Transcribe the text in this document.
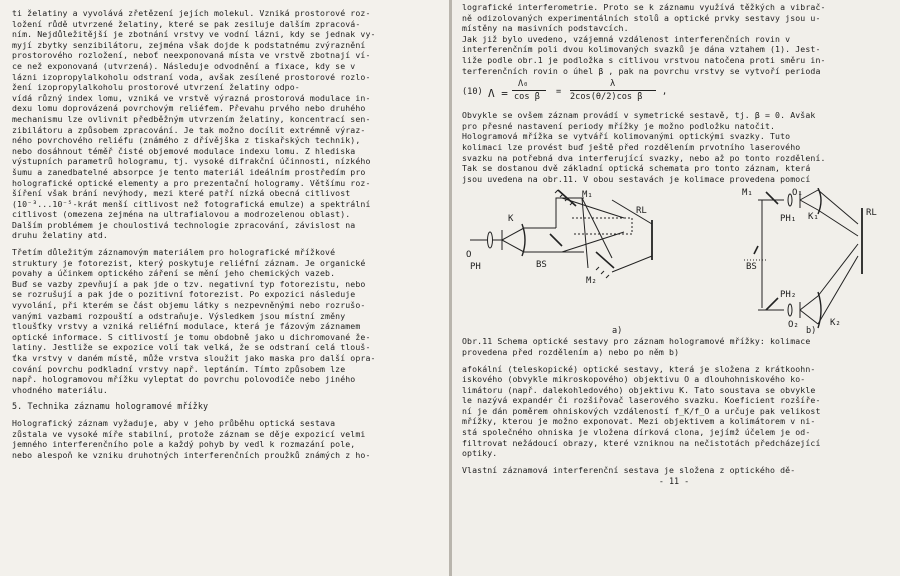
ti želatiny a vyvolává zřetězení jejích molekul. Vzniká prostorové roz-
ložení růdě utvrzené želatiny, které se pak zesiluje dalším zpracová-
ním. Nejdůležitější je zbotnání vrstvy ve vodní lázni, kdy se jednak vy-
myjí zbytky senzibilátoru, zejména však dojde k podstatnému zvýraznění
prostorového rozložení, neboť neexponovaná místa ve vrstvě zbotnají ví-
ce než exponovaná (utvrzená). Následuje odvodnění a fixace, kdy se v
lázni izopropylalkoholu odstraní voda, avšak zesílené prostorové rozlo-
žení izopropylalkoholu prostorové utvrzení želatiny odpo-
vídá různý index lomu, vzniká ve vrstvě výrazná prostorová modulace in-
dexu lomu doprovázená povrchovým reliéfem. Převahu prvého nebo druhého
mechanismu lze ovlivnit předběžným utvrzením želatiny, koncentrací sen-
zibilátoru a způsobem zpracování. Je tak možno docílit extrémně výraz-
ného povrchového reliéfu (známého z dřívějška z tiskařských technik),
nebo dosáhnout téměř čisté objemové modulace indexu lomu. Z hlediska
výstupních parametrů hologramu, tj. vysoké difrakční účinnosti, nízkého
šumu a zanedbatelné absorpce je tento materiál ideálním prostředím pro
holografické optické elementy a pro prezentační hologramy. Většímu roz-
šíření však brání nevýhody, mezi které patří nízká obecná citlivost
(10⁻³...10⁻⁵-krát menší citlivost než fotografická emulze) a spektrální
citlivost (omezena zejména na ultrafialovou a modrozelenou oblast).
Dalším problémem je choulostivá technologie zpracování, závislost na
druhu želatiny atd.
Třetím důležitým záznamovým materiálem pro holografické mřížkové
struktury je fotorezist, který poskytuje reliéfní záznam. Je organické
povahy a účinkem optického záření se mění jeho chemických vazeb.
Buď se vazby zpevňují a pak jde o tzv. negativní typ fotorezistu, nebo
se rozrušují a pak jde o pozitivní fotorezist. Po expozici následuje
vyvolání, při kterém se část objemu látky s nezpevněnými nebo rozrušo-
vanými vazbami rozpouští a odstraňuje. Výsledkem jsou místní změny
tloušťky vrstvy a vzniká reliéfní modulace, která je fázovým záznamem
optické informace. S citlivostí je tomu obdobně jako u dichromované že-
latiny. Jestliže se expozice volí tak velká, že se odstraní celá tlouš-
ťka vrstvy v daném místě, může vrstva sloužit jako maska pro další opra-
cování povrchu podkladní vrstvy např. leptáním. Tímto způsobem lze
např. hologramovou mřížku vyleptat do povrchu polovodiče nebo jiného
vhodného materiálu.
5. Technika záznamu hologramové mřížky
Holografický záznam vyžaduje, aby v jeho průběhu optická sestava
zůstala ve vysoké míře stabilní, protože záznam se děje expozicí velmi
jemného interferenčního pole a každý pohyb by vedl k rozmazání pole,
nebo alespoň ke vzniku druhotných interferenčních proužků známých z ho-
lografické interferometrie. Proto se k záznamu využívá těžkých a vibrač-
ně odizolovaných experimentálních stolů a optické prvky sestavy jsou u-
místěny na masivních podstavcích.
Jak již bylo uvedeno, vzájemná vzdálenost interferenčních rovin v
interferenčním poli dvou kolimovaných svazků je dána vztahem (1). Jest-
liže podle obr.1 je podložka s citlivou vrstvou natočena proti směru in-
terferenčních rovin o úhel β , pak na povrchu vrstvy se vytvoří perioda
(10) Λ =
Λ₀
cos β =
λ
2cos(θ/2)cos β ,
Obvykle se ovšem záznam provádí v symetrické sestavě, tj. β = 0. Avšak
pro přesné nastavení periody mřížky je možno podložku natočit.
Hologramová mřížka se vytváří kolimovanými optickými svazky. Tuto
kolimaci lze provést buď ještě před rozdělením prvotního laserového
svazku na potřebná dva interferující svazky, nebo až po tonto rozdělení.
Tak se dostanou dvě základní optická schemata pro tonto záznam, která
jsou uvedena na obr.11. V obou sestavách je kolimace provedena pomocí
O
K
PH	BS
M₁
M₂
RL
M₁	O₁
K₁
PH₁
BS
PH₂
O₂	K₂
RL
a)	b)
Obr.11 Schema optické sestavy pro záznam hologramové mřížky: kolimace
provedena před rozdělením a) nebo po něm b)
afokální (teleskopické) optické sestavy, která je složena z krátkoohn-
iskového (obvykle mikroskopového) objektivu O a dlouhohniskového ko-
limátoru (např. dalekohledového) objektivu K. Tato soustava se obvykle
le nazývá expandér či rozšiřovač laserového svazku. Koeficient rozšíře-
ní je dán poměrem ohniskových vzdáleností f_K/f_O a určuje pak velikost
mřížky, kterou je možno exponovat. Mezi objektivem a kolimátorem v ni-
stá společného ohniska je vložena dírková clona, jejímž účelem je od-
filtrovat nežádoucí obrazy, které vzniknou na nečistotách předcházející
optiky.
Vlastní záznamová interferenční sestava je složena z optického dě-
- 11 -
